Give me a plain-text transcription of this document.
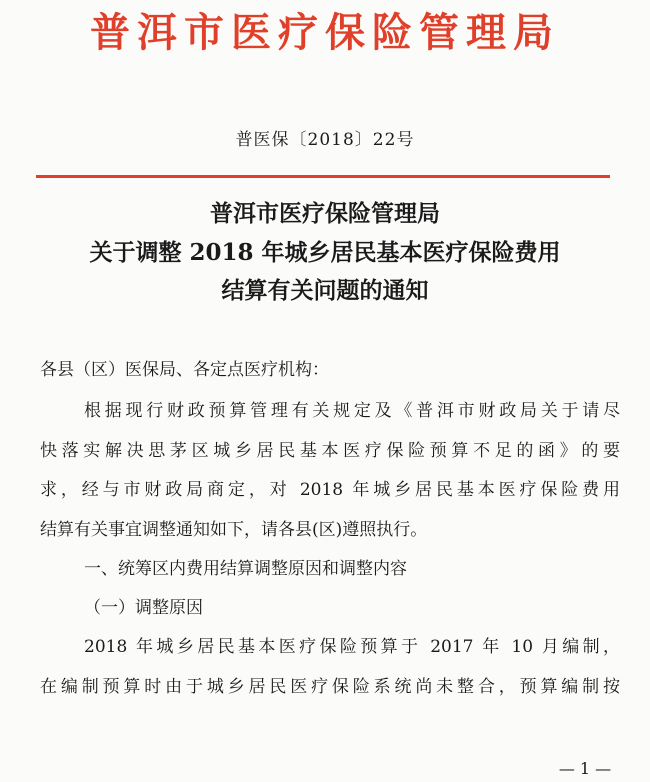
普洱市医疗保险管理局
普医保〔2018〕22号
普洱市医疗保险管理局
关于调整 2018 年城乡居民基本医疗保险费用
结算有关问题的通知
各县（区）医保局、各定点医疗机构：
根据现行财政预算管理有关规定及《普洱市财政局关于请尽
快落实解决思茅区城乡居民基本医疗保险预算不足的函》的要
求，经与市财政局商定，对 2018 年城乡居民基本医疗保险费用
结算有关事宜调整通知如下，请各县(区)遵照执行。
一、统筹区内费用结算调整原因和调整内容
（一）调整原因
2018 年城乡居民基本医疗保险预算于 2017 年 10 月编制，
在编制预算时由于城乡居民医疗保险系统尚未整合，预算编制按
— 1 —
